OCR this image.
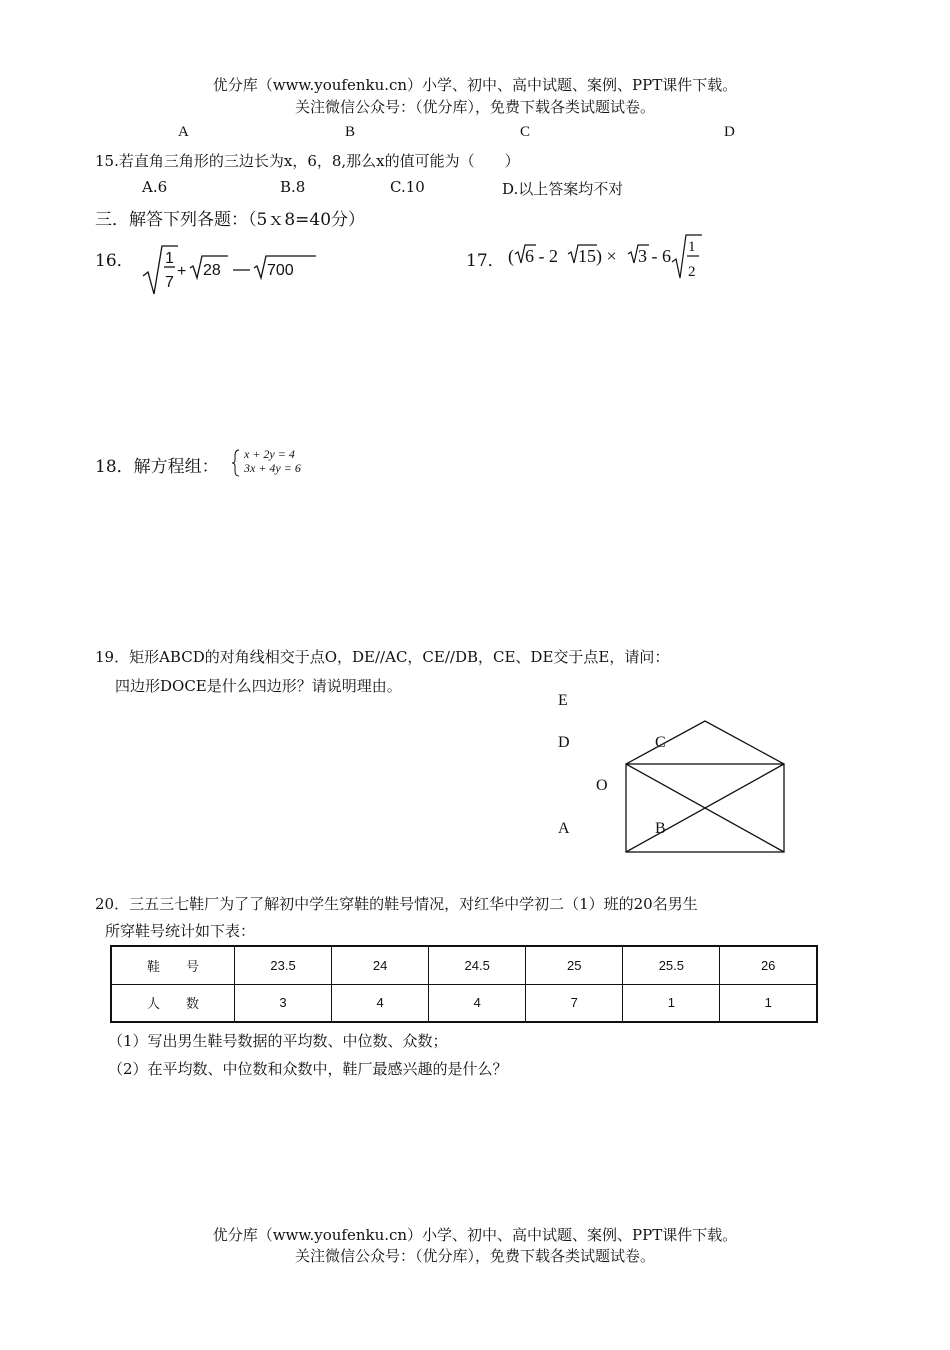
优分库（www.youfenku.cn）小学、初中、高中试题、案例、PPT课件下载。
关注微信公众号：（优分库），免费下载各类试题试卷。
A	B	C	D
15.若直角三角形的三边长为x，6，8,那么x的值可能为（　　）
A.6	B.8	C.10	D.以上答案均不对
三．解答下列各题：（5ｘ8=40分）
16． 1
7
+ 28	700	17． ( 6 - 2 15) × 3 - 6 1
2
18．解方程组：
x + 2y = 4
3x + 4y = 6
19．矩形ABCD的对角线相交于点O，DE//AC，CE//DB，CE、DE交于点E，请问：
四边形DOCE是什么四边形？请说明理由。
E
D	C
O
A	B
20．三五三七鞋厂为了了解初中学生穿鞋的鞋号情况，对红华中学初二（1）班的20名男生
所穿鞋号统计如下表：
鞋　　号	23.5	24	24.5	25	25.5	26
人　　数	3	4	4	7	1	1
（1）写出男生鞋号数据的平均数、中位数、众数；
（2）在平均数、中位数和众数中，鞋厂最感兴趣的是什么？
优分库（www.youfenku.cn）小学、初中、高中试题、案例、PPT课件下载。
关注微信公众号：（优分库），免费下载各类试题试卷。
